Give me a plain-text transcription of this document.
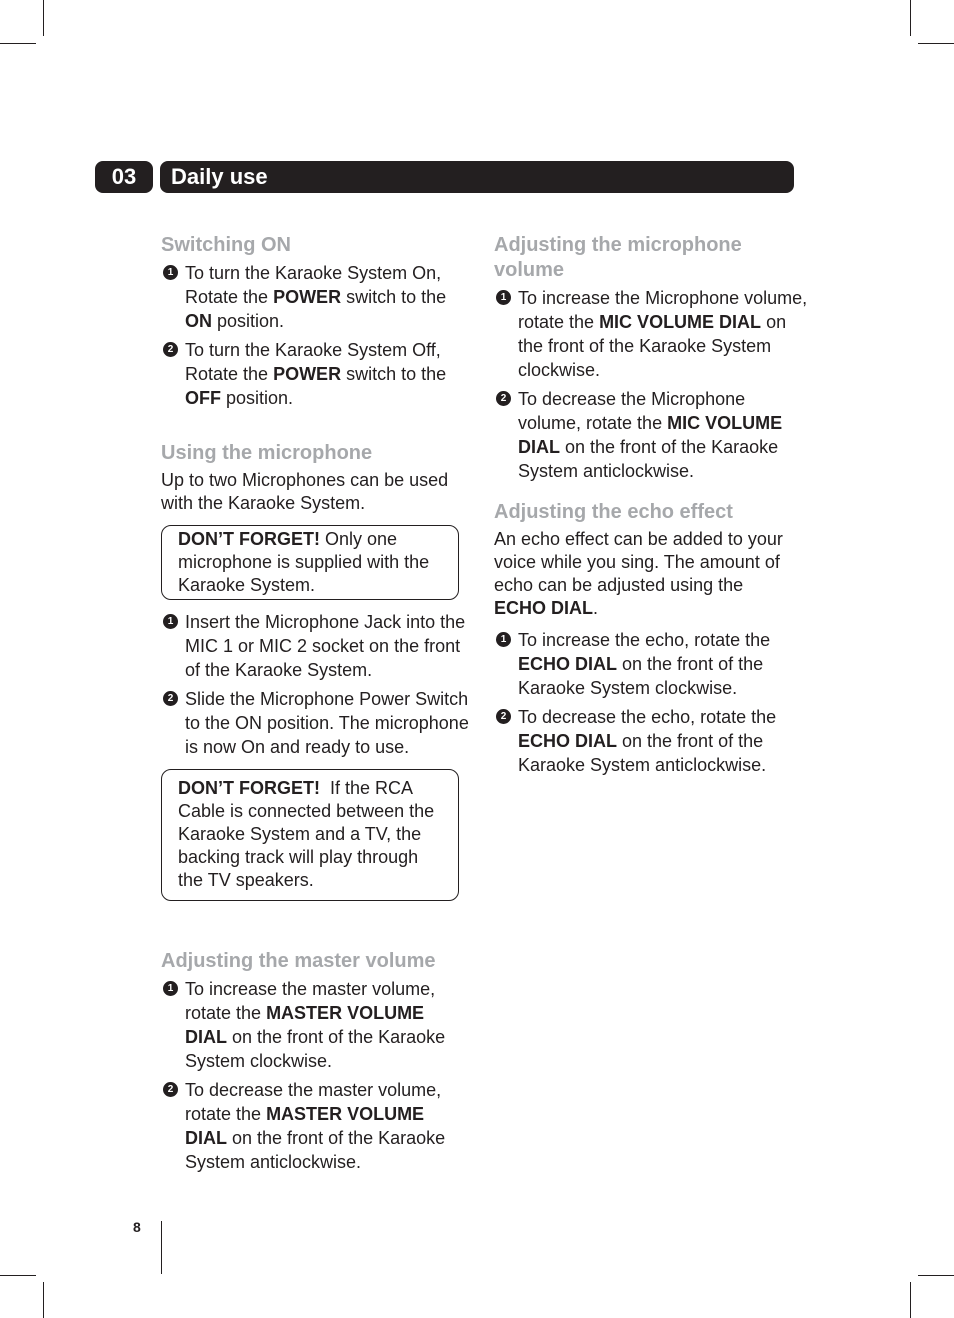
03	Daily use
Switching ON
1 To turn the Karaoke System On, Rotate the POWER switch to the ON position.
2 To turn the Karaoke System Off, Rotate the POWER switch to the OFF position.
Using the microphone
Up to two Microphones can be used with the Karaoke System.
DON’T FORGET! Only one microphone is supplied with the Karaoke System.
1 Insert the Microphone Jack into the MIC 1 or MIC 2 socket on the front of the Karaoke System.
2 Slide the Microphone Power Switch to the ON position. The microphone is now On and ready to use.
DON’T FORGET!  If the RCA Cable is connected between the Karaoke System and a TV, the backing track will play through the TV speakers.
Adjusting the master volume
1 To increase the master volume, rotate the MASTER VOLUME DIAL on the front of the Karaoke System clockwise.
2 To decrease the master volume, rotate the MASTER VOLUME DIAL on the front of the Karaoke System anticlockwise.
Adjusting the microphone volume
1 To increase the Microphone volume, rotate the MIC VOLUME DIAL on the front of the Karaoke System clockwise.
2 To decrease the Microphone volume, rotate the MIC VOLUME DIAL on the front of the Karaoke System anticlockwise.
Adjusting the echo effect
An echo effect can be added to your voice while you sing. The amount of echo can be adjusted using the ECHO DIAL.
1 To increase the echo, rotate the ECHO DIAL on the front of the Karaoke System clockwise.
2 To decrease the echo, rotate the ECHO DIAL on the front of the Karaoke System anticlockwise.
8
